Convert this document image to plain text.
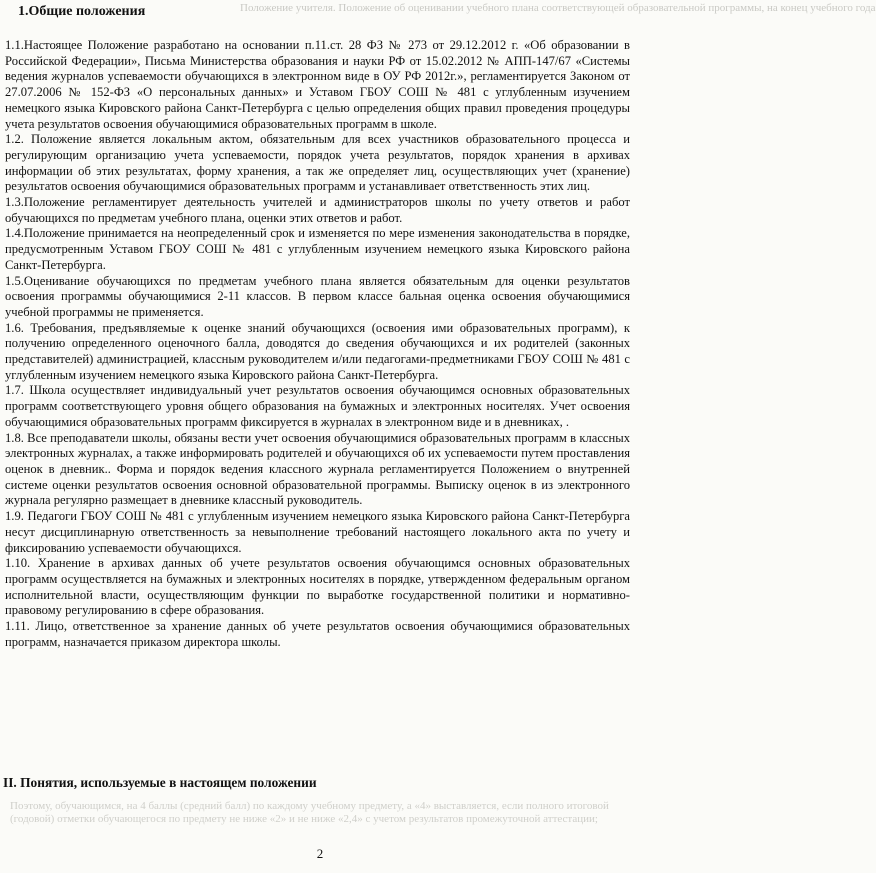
Положение учителя. Положение об оценивании учебного плана соответствующей образовательной программы, на конец учебного года
1.Общие положения

1.1.Настоящее Положение разработано на основании п.11.ст. 28 ФЗ № 273 от 29.12.2012 г. «Об образовании в Российской Федерации», Письма Министерства образования и науки РФ от 15.02.2012 № АПП-147/67 «Системы ведения журналов успеваемости обучающихся в электронном виде в ОУ РФ 2012г.», регламентируется Законом от 27.07.2006 № 152-ФЗ «О персональных данных» и Уставом ГБОУ СОШ № 481 с углубленным изучением немецкого языка Кировского района Санкт-Петербурга с целью определения общих правил проведения процедуры учета результатов освоения обучающимися образовательных программ в школе.

1.2. Положение является локальным актом, обязательным для всех участников образовательного процесса и регулирующим организацию учета успеваемости, порядок учета результатов, порядок хранения в архивах информации об этих результатах, форму хранения, а так же определяет лиц, осуществляющих учет (хранение) результатов освоения обучающимися образовательных программ и устанавливает ответственность этих лиц.

1.3.Положение регламентирует деятельность учителей и администраторов школы по учету ответов и работ обучающихся по предметам учебного плана, оценки этих ответов и работ.

1.4.Положение принимается на неопределенный срок и изменяется по мере изменения законодательства в порядке, предусмотренным Уставом ГБОУ СОШ № 481 с углубленным изучением немецкого языка Кировского района Санкт-Петербурга.

1.5.Оценивание обучающихся по предметам учебного плана является обязательным для оценки результатов освоения программы обучающимися 2-11 классов. В первом классе бальная оценка освоения обучающимися учебной программы не применяется.

1.6. Требования, предъявляемые к оценке знаний обучающихся (освоения ими образовательных программ), к получению определенного оценочного балла, доводятся до сведения обучающихся и их родителей (законных представителей) администрацией, классным руководителем и/или педагогами-предметниками ГБОУ СОШ № 481 с углубленным изучением немецкого языка Кировского района Санкт-Петербурга.

1.7. Школа осуществляет индивидуальный учет результатов освоения обучающимся основных образовательных программ соответствующего уровня общего образования на бумажных и электронных носителях. Учет освоения обучающимися образовательных программ фиксируется в журналах в электронном виде и в дневниках, .

1.8. Все преподаватели школы, обязаны вести учет освоения обучающимися образовательных программ в классных электронных журналах, а также информировать родителей и обучающихся об их успеваемости путем проставления оценок в дневник.. Форма и порядок ведения классного журнала регламентируется Положением о внутренней системе оценки результатов освоения основной образовательной программы. Выписку оценок в из электронного журнала регулярно размещает в дневнике классный руководитель.

1.9. Педагоги ГБОУ СОШ № 481 с углубленным изучением немецкого языка Кировского района Санкт-Петербурга несут дисциплинарную ответственность за невыполнение требований настоящего локального акта по учету и фиксированию успеваемости обучающихся.

1.10. Хранение в архивах данных об учете результатов освоения обучающимся основных образовательных программ осуществляется на бумажных и электронных носителях в порядке, утвержденном федеральным органом исполнительной власти, осуществляющим функции по выработке государственной политики и нормативно-правовому регулированию в сфере образования.

1.11. Лицо, ответственное за хранение данных об учете результатов освоения обучающимися образовательных программ, назначается приказом директора школы.

II. Понятия, используемые в настоящем положении
Поэтому, обучающимся, на 4 баллы (средний балл) по каждому учебному предмету, а «4» выставляется, если полного итоговой (годовой) отметки обучающегося по предмету не ниже «2» и не ниже «2,4» с учетом результатов промежуточной аттестации;
2
